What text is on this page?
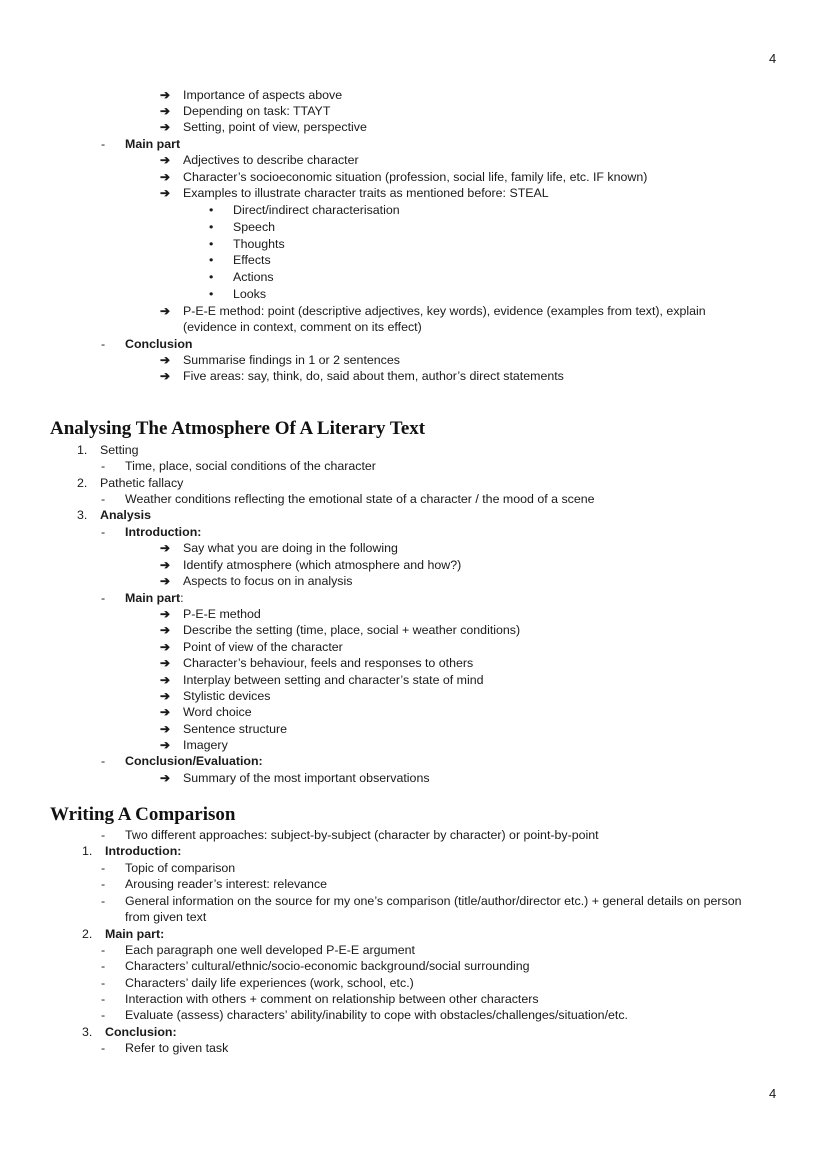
4
4
➔ Importance of aspects above
➔ Depending on task: TTAYT
➔ Setting, point of view, perspective
- Main part
➔ Adjectives to describe character
➔ Character’s socioeconomic situation (profession, social life, family life, etc. IF known)
➔ Examples to illustrate character traits as mentioned before: STEAL
• Direct/indirect characterisation
• Speech
• Thoughts
• Effects
• Actions
• Looks
➔ P-E-E method: point (descriptive adjectives, key words), evidence (examples from text), explain
(evidence in context, comment on its effect)
- Conclusion
➔ Summarise findings in 1 or 2 sentences
➔ Five areas: say, think, do, said about them, author’s direct statements
Analysing The Atmosphere Of A Literary Text
1. Setting
- Time, place, social conditions of the character
2. Pathetic fallacy
- Weather conditions reflecting the emotional state of a character / the mood of a scene
3. Analysis
- Introduction:
➔ Say what you are doing in the following
➔ Identify atmosphere (which atmosphere and how?)
➔ Aspects to focus on in analysis
- Main part:
➔ P-E-E method
➔ Describe the setting (time, place, social + weather conditions)
➔ Point of view of the character
➔ Character’s behaviour, feels and responses to others
➔ Interplay between setting and character’s state of mind
➔ Stylistic devices
➔ Word choice
➔ Sentence structure
➔ Imagery
- Conclusion/Evaluation:
➔ Summary of the most important observations
Writing A Comparison
- Two different approaches: subject-by-subject (character by character) or point-by-point
1. Introduction:
- Topic of comparison
- Arousing reader’s interest: relevance
- General information on the source for my one’s comparison (title/author/director etc.) + general details on person
from given text
2. Main part:
- Each paragraph one well developed P-E-E argument
- Characters’ cultural/ethnic/socio-economic background/social surrounding
- Characters’ daily life experiences (work, school, etc.)
- Interaction with others + comment on relationship between other characters
- Evaluate (assess) characters’ ability/inability to cope with obstacles/challenges/situation/etc.
3. Conclusion:
- Refer to given task
